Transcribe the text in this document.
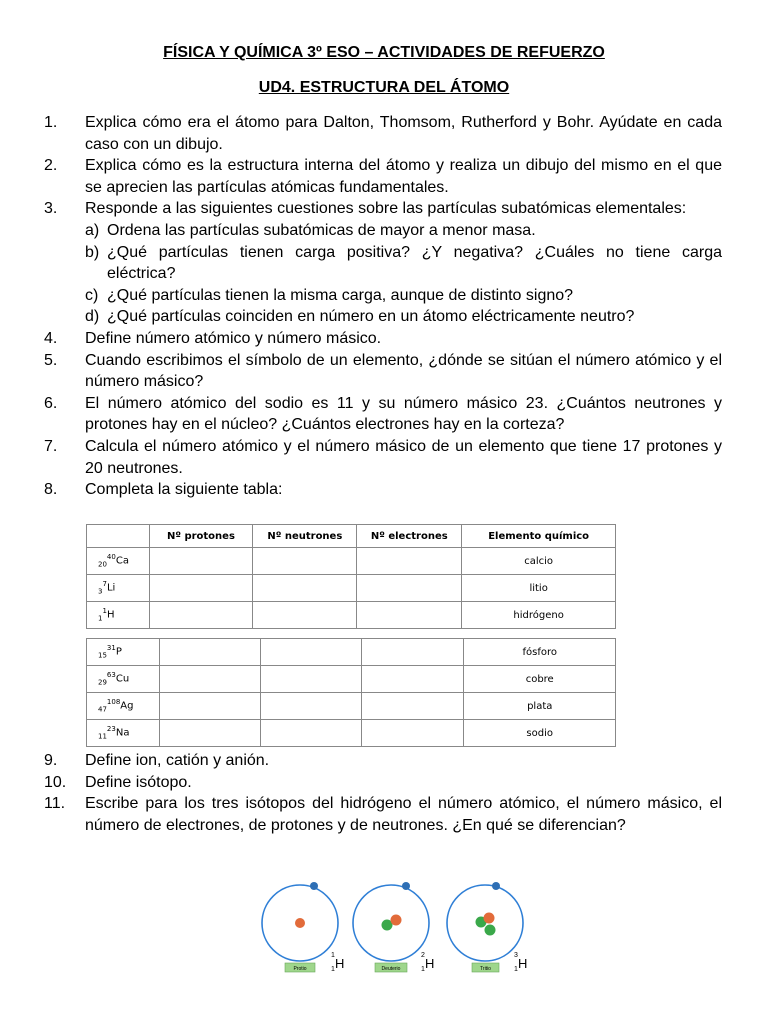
FÍSICA Y QUÍMICA 3º ESO – ACTIVIDADES DE REFUERZO
UD4. ESTRUCTURA DEL ÁTOMO
1.	Explica cómo era el átomo para Dalton, Thomsom, Rutherford y Bohr. Ayúdate en cada caso con un dibujo.
2.	Explica cómo es la estructura interna del átomo y realiza un dibujo del mismo en el que se aprecien las partículas atómicas fundamentales.
3.	Responde a las siguientes cuestiones sobre las partículas subatómicas elementales:
a) Ordena las partículas subatómicas de mayor a menor masa.
b) ¿Qué partículas tienen carga positiva? ¿Y negativa? ¿Cuáles no tiene carga eléctrica?
c) ¿Qué partículas tienen la misma carga, aunque de distinto signo?
d) ¿Qué partículas coinciden en número en un átomo eléctricamente neutro?
4.	Define número atómico y número másico.
5.	Cuando escribimos el símbolo de un elemento, ¿dónde se sitúan el número atómico y el número másico?
6.	El número atómico del sodio es 11 y su número másico 23. ¿Cuántos neutrones y protones hay en el núcleo? ¿Cuántos electrones hay en la corteza?
7.	Calcula el número atómico y el número másico de un elemento que tiene 17 protones y 20 neutrones.
8.	Completa la siguiente tabla:
	Nº protones	Nº neutrones	Nº electrones	Elemento químico
$_{20}^{40}$Ca				calcio
$_3^7$Li				litio
$_1^1$H				hidrógeno
$_{15}^{31}$P				fósforo
$_{29}^{63}$Cu				cobre
$_{47}^{108}$Ag				plata
$_{11}^{23}$Na				sodio
9.	Define ion, catión y anión.
10.	Define isótopo.
11.	Escribe para los tres isótopos del hidrógeno el número atómico, el número másico, el número de electrones, de protones y de neutrones. ¿En qué se diferencian?
Protio
1
1 H	Deuterio
2
1 H	Tritio
3
1 H
